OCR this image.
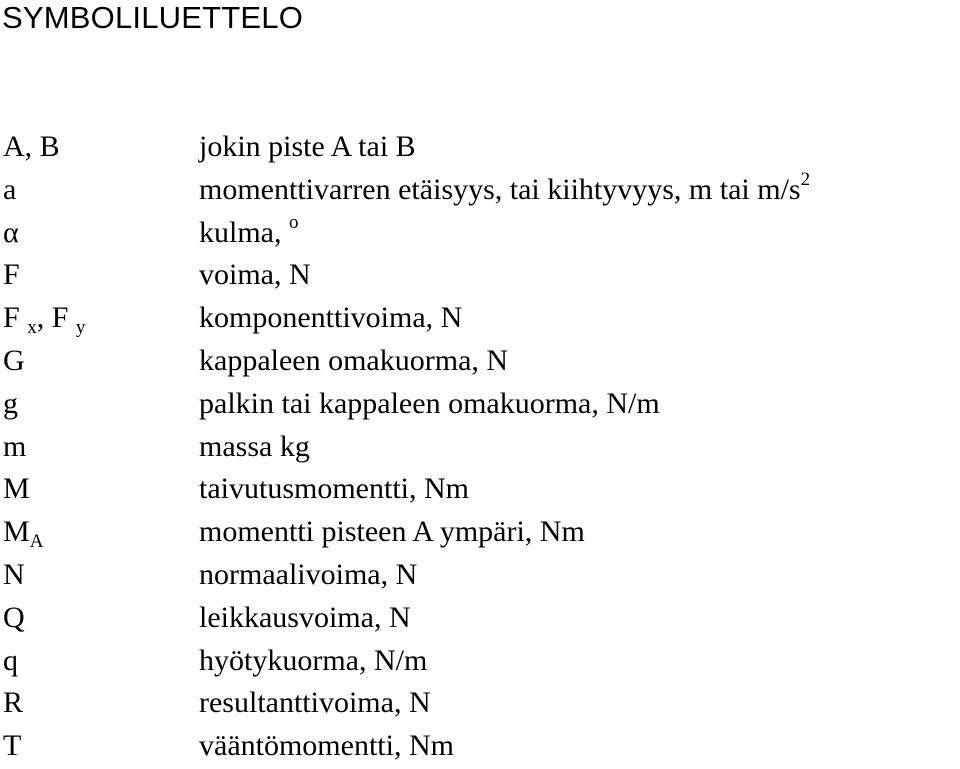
SYMBOLILUETTELO
A, B	jokin piste A tai B
a	momenttivarren etäisyys, tai kiihtyvyys, m tai $m/s^2$
α	kulma, $^o$
F	voima, N
F $_x$, F $_y$	komponenttivoima, N
G	kappaleen omakuorma, N
g	palkin tai kappaleen omakuorma, N/m
m	massa kg
M	taivutusmomentti, Nm
$M_A$	momentti pisteen A ympäri, Nm
N	normaalivoima, N
Q	leikkausvoima, N
q	hyötykuorma, N/m
R	resultanttivoima, N
T	vääntömomentti, Nm
